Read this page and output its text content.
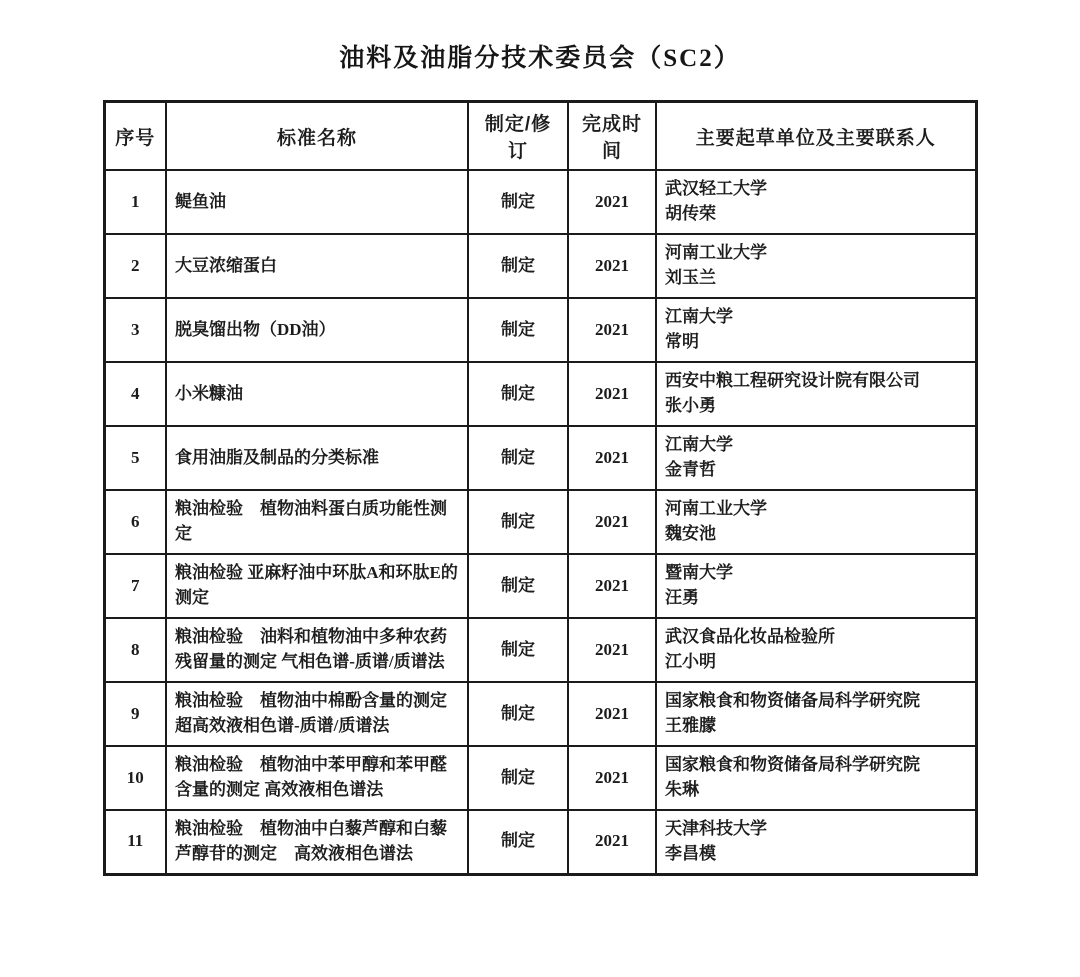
油料及油脂分技术委员会（SC2）
序号	标准名称	制定/修订	完成时间	主要起草单位及主要联系人
1	鳀鱼油	制定	2021	武汉轻工大学
胡传荣

2	大豆浓缩蛋白	制定	2021	河南工业大学
刘玉兰

3	脱臭馏出物（DD油）	制定	2021	江南大学
常明

4	小米糠油	制定	2021	西安中粮工程研究设计院有限公司
张小勇

5	食用油脂及制品的分类标准	制定	2021	江南大学
金青哲

6	粮油检验　植物油料蛋白质功能性测定	制定	2021	河南工业大学
魏安池

7	粮油检验 亚麻籽油中环肽A和环肽E的测定	制定	2021	暨南大学
汪勇

8	粮油检验　油料和植物油中多种农药残留量的测定 气相色谱-质谱/质谱法	制定	2021	武汉食品化妆品检验所
江小明

9	粮油检验　植物油中棉酚含量的测定 超高效液相色谱-质谱/质谱法	制定	2021	国家粮食和物资储备局科学研究院
王雅朦

10	粮油检验　植物油中苯甲醇和苯甲醛含量的测定 高效液相色谱法	制定	2021	国家粮食和物资储备局科学研究院
朱琳

11	粮油检验　植物油中白藜芦醇和白藜芦醇苷的测定　高效液相色谱法	制定	2021	天津科技大学
李昌模
